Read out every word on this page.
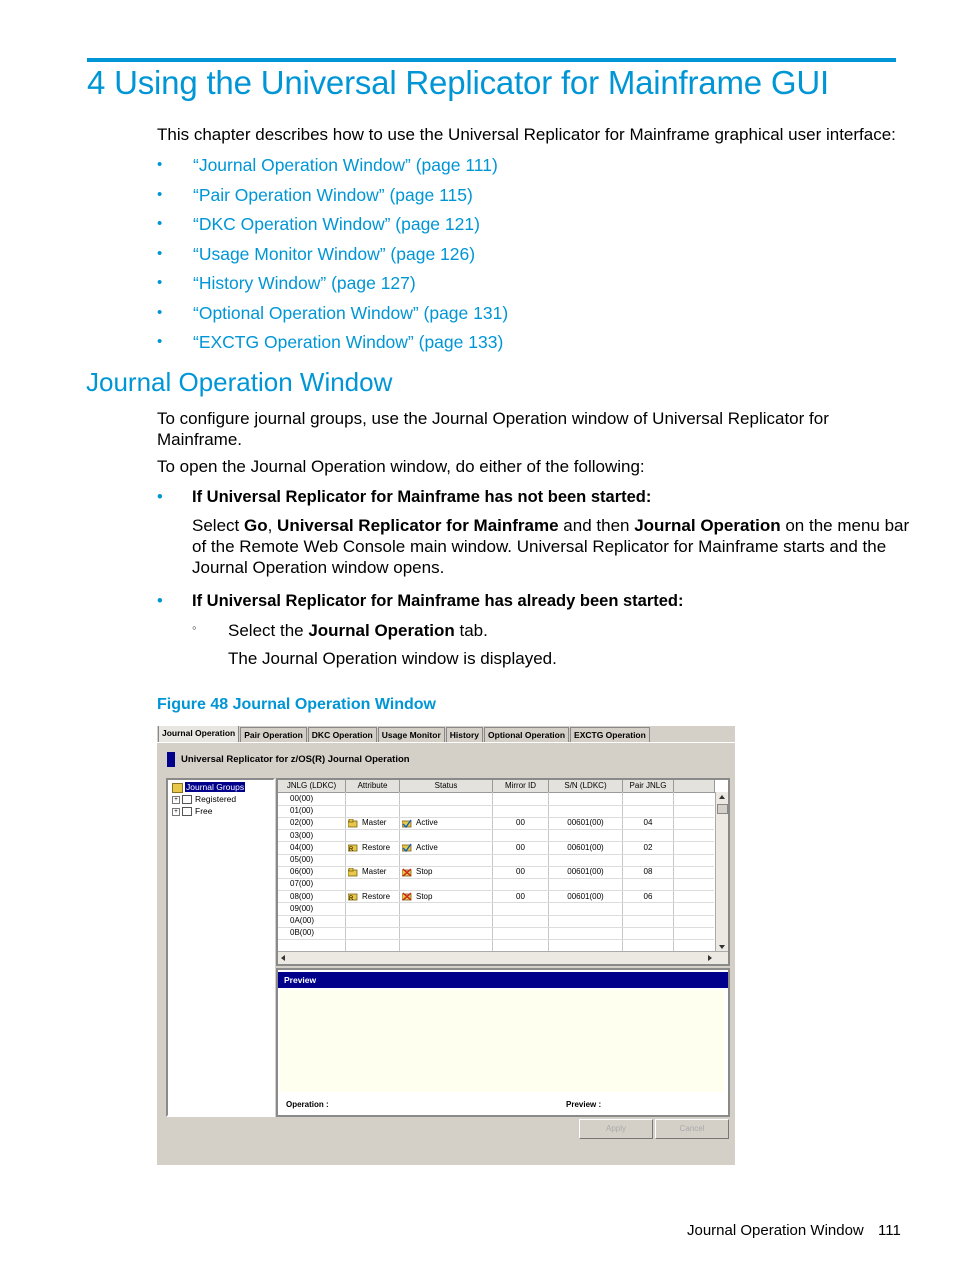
4 Using the Universal Replicator for Mainframe GUI

This chapter describes how to use the Universal Replicator for Mainframe graphical user interface:

• “Journal Operation Window” (page 111)
• “Pair Operation Window” (page 115)
• “DKC Operation Window” (page 121)
• “Usage Monitor Window” (page 126)
• “History Window” (page 127)
• “Optional Operation Window” (page 131)
• “EXCTG Operation Window” (page 133)
Journal Operation Window

To configure journal groups, use the Journal Operation window of Universal Replicator for

Mainframe.

To open the Journal Operation window, do either of the following:

• If Universal Replicator for Mainframe has not been started:
Select Go, Universal Replicator for Mainframe and then Journal Operation on the menu bar
of the Remote Web Console main window. Universal Replicator for Mainframe starts and the
Journal Operation window opens.
• If Universal Replicator for Mainframe has already been started:
◦ Select the Journal Operation tab.
The Journal Operation window is displayed.
Figure 48 Journal Operation Window
Journal Operation	Pair Operation	DKC Operation	Usage Monitor	History	Optional Operation	EXCTG Operation
Universal Replicator for z/OS(R) Journal Operation
Journal Groups
+ Registered
+ Free
JNLG (LDKC)	Attribute	Status	Mirror ID	S/N (LDKC)	Pair JNLG
00(00)
01(00)
02(00)	Master	Active	00	00601(00)	04
03(00)
04(00)	R Restore	Active	00	00601(00)	02
05(00)
06(00)	Master	Stop	00	00601(00)	08
07(00)
08(00)	R Restore	Stop	00	00601(00)	06
09(00)
0A(00)
0B(00)
Preview
Operation :	Preview :
Apply	Cancel
Journal Operation Window 111
